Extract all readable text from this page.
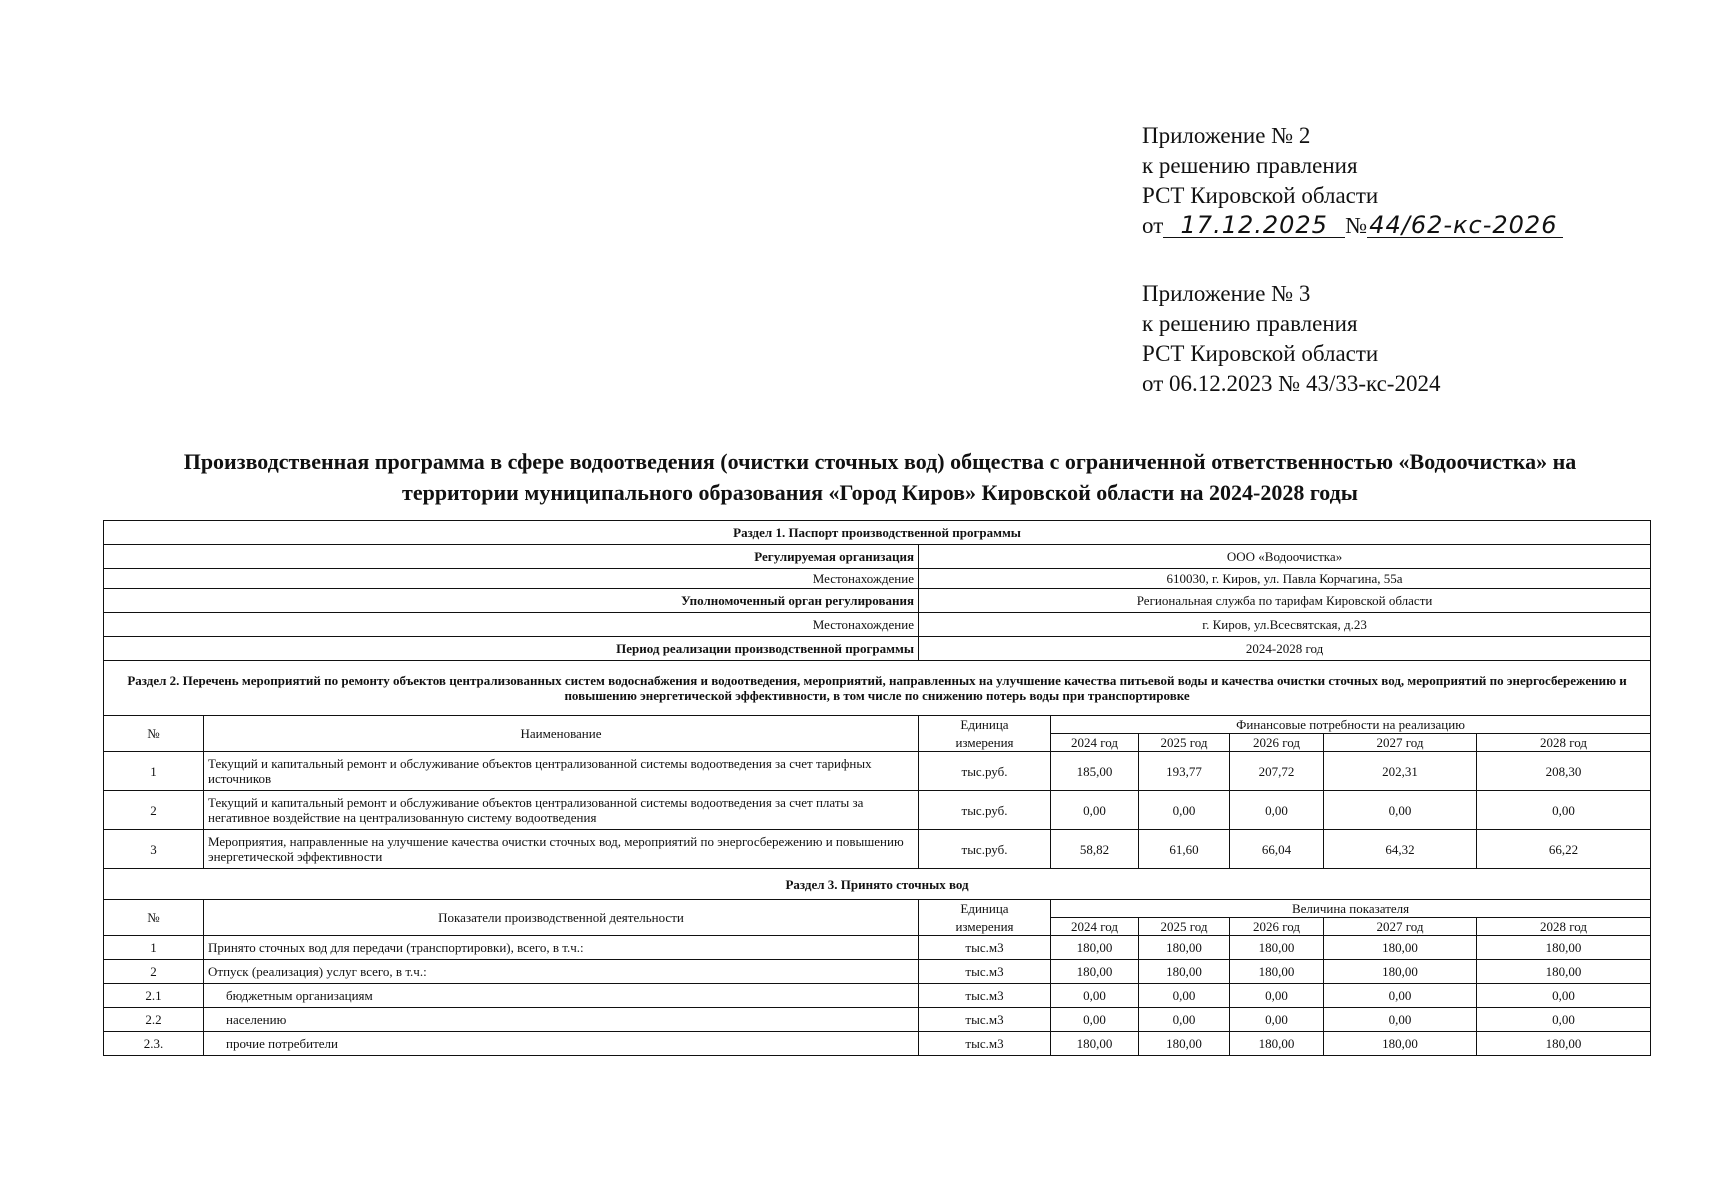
Приложение № 2
к решению правления
РСТ Кировской области
от 17.12.2025 №44/62-кс-2026
Приложение № 3
к решению правления
РСТ Кировской области
от 06.12.2023 № 43/33-кс-2024
Производственная программа в сфере водоотведения (очистки сточных вод) общества с ограниченной ответственностью «Водоочистка» на
территории муниципального образования «Город Киров» Кировской области на 2024-2028 годы
Раздел 1. Паспорт производственной программы							
Регулируемая организация		ООО «Водоочистка»					
Местонахождение		610030, г. Киров, ул. Павла Корчагина, 55а					
Уполномоченный орган регулирования		Региональная служба по тарифам Кировской области					
Местонахождение		г. Киров, ул.Всесвятская, д.23					
Период реализации производственной программы		2024-2028 год					
Раздел 2. Перечень мероприятий по ремонту объектов централизованных систем водоснабжения и водоотведения, мероприятий, направленных на улучшение качества питьевой воды и качества очистки сточных вод, мероприятий по энергосбережению и повышению энергетической эффективности, в том числе по снижению потерь воды при транспортировке							
№	Наименование	Единица	Финансовые потребности на реализацию				
		измерения	2024 год	2025 год	2026 год	2027 год	2028 год
1	Текущий и капитальный ремонт и обслуживание объектов централизованной системы водоотведения за счет тарифных источников	тыс.руб.	185,00	193,77	207,72	202,31	208,30
2	Текущий и капитальный ремонт и обслуживание объектов централизованной системы водоотведения за счет платы за негативное воздействие на централизованную систему водоотведения	тыс.руб.	0,00	0,00	0,00	0,00	0,00
3	Мероприятия, направленные на улучшение качества очистки сточных вод, мероприятий по энергосбережению и повышению энергетической эффективности	тыс.руб.	58,82	61,60	66,04	64,32	66,22
Раздел 3. Принято сточных вод							
№	Показатели производственной деятельности	Единица	Величина показателя				
		измерения	2024 год	2025 год	2026 год	2027 год	2028 год
1	Принято сточных вод для передачи (транспортировки), всего, в т.ч.:	тыс.м3	180,00	180,00	180,00	180,00	180,00
2	Отпуск (реализация) услуг всего, в т.ч.:	тыс.м3	180,00	180,00	180,00	180,00	180,00
2.1	бюджетным организациям	тыс.м3	0,00	0,00	0,00	0,00	0,00
2.2	населению	тыс.м3	0,00	0,00	0,00	0,00	0,00
2.3.	прочие потребители	тыс.м3	180,00	180,00	180,00	180,00	180,00
